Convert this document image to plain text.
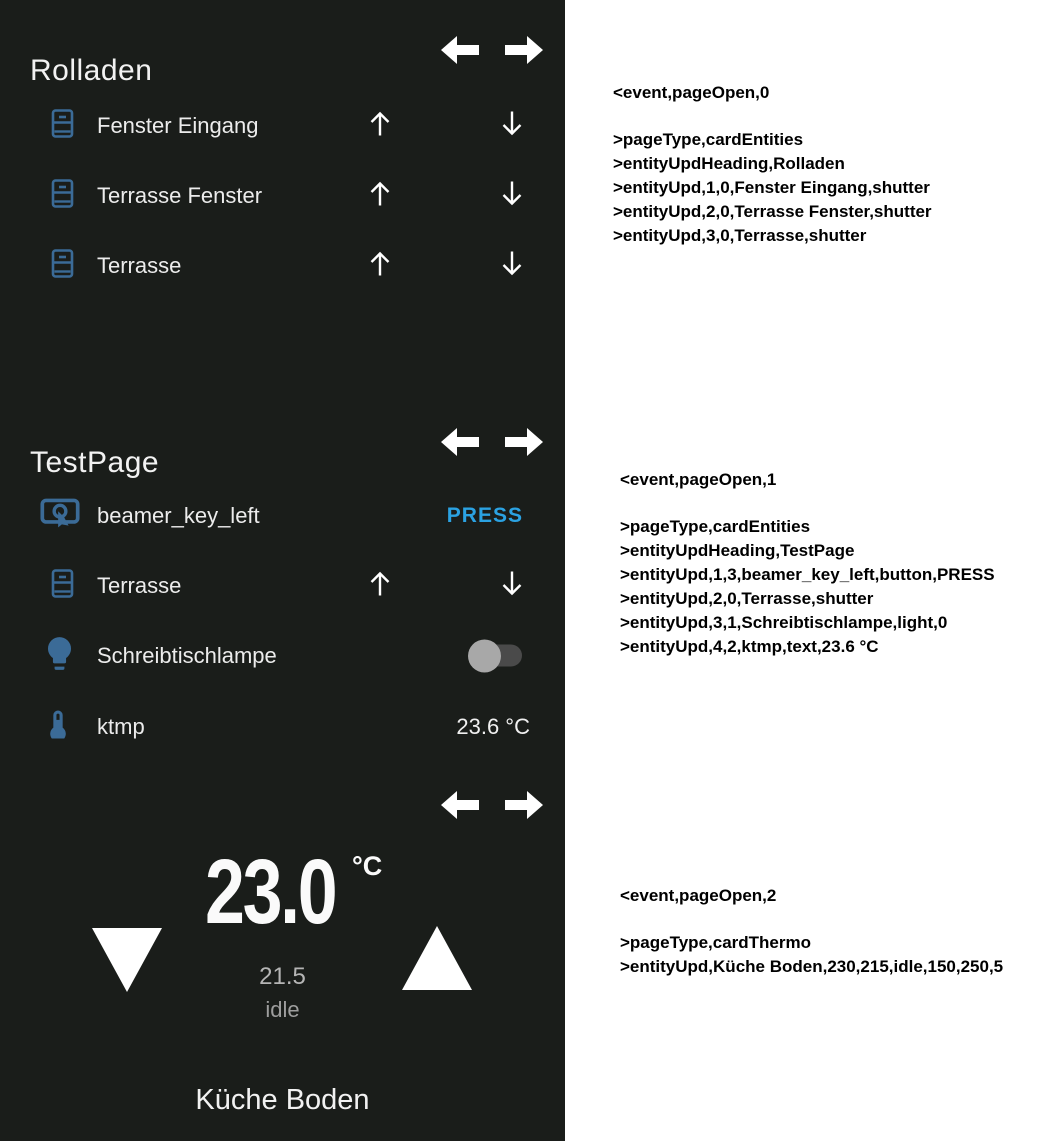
Rolladen
Fenster Eingang
Terrasse Fenster
Terrasse
TestPage
beamer_key_left	PRESS
Terrasse
Schreibtischlampe
ktmp	23.6 °C
23.0 °C
21.5
idle
Küche Boden
<event,pageOpen,0
>pageType,cardEntities
>entityUpdHeading,Rolladen
>entityUpd,1,0,Fenster Eingang,shutter
>entityUpd,2,0,Terrasse Fenster,shutter
>entityUpd,3,0,Terrasse,shutter
<event,pageOpen,1
>pageType,cardEntities
>entityUpdHeading,TestPage
>entityUpd,1,3,beamer_key_left,button,PRESS
>entityUpd,2,0,Terrasse,shutter
>entityUpd,3,1,Schreibtischlampe,light,0
>entityUpd,4,2,ktmp,text,23.6 °C
<event,pageOpen,2
>pageType,cardThermo
>entityUpd,Küche Boden,230,215,idle,150,250,5
